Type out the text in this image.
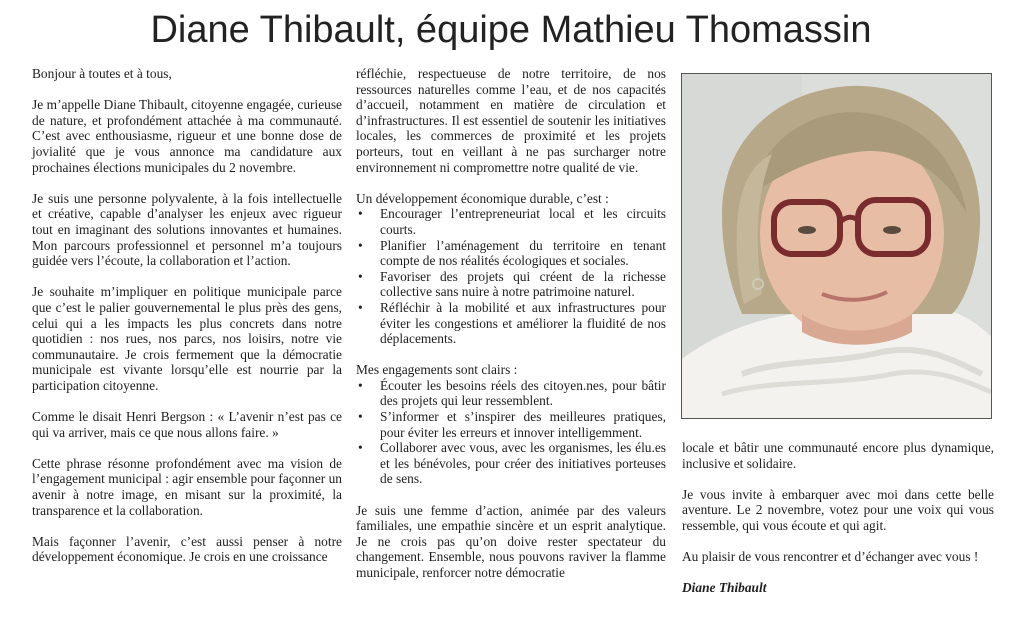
Diane Thibault, équipe Mathieu Thomassin

Bonjour à toutes et à tous,

Je m’appelle Diane Thibault, citoyenne engagée, curieuse de nature, et profondément attachée à ma communauté. C’est avec enthousiasme, rigueur et une bonne dose de jovialité que je vous annonce ma candidature aux prochaines élections municipales du 2 novembre.

Je suis une personne polyvalente, à la fois intellectuelle et créative, capable d’analyser les enjeux avec rigueur tout en imaginant des solutions innovantes et humaines. Mon parcours professionnel et personnel m’a toujours guidée vers l’écoute, la collaboration et l’action.

Je souhaite m’impliquer en politique municipale parce que c’est le palier gouvernemental le plus près des gens, celui qui a les impacts les plus concrets dans notre quotidien : nos rues, nos parcs, nos loisirs, notre vie communautaire. Je crois fermement que la démocratie municipale est vivante lorsqu’elle est nourrie par la participation citoyenne.

Comme le disait Henri Bergson : « L’avenir n’est pas ce qui va arriver, mais ce que nous allons faire. »

Cette phrase résonne profondément avec ma vision de l’engagement municipal : agir ensemble pour façonner un avenir à notre image, en misant sur la proximité, la transparence et la collaboration.

Mais façonner l’avenir, c’est aussi penser à notre développement économique. Je crois en une croissance

réfléchie, respectueuse de notre territoire, de nos ressources naturelles comme l’eau, et de nos capacités d’accueil, notamment en matière de circulation et d’infrastructures. Il est essentiel de soutenir les initiatives locales, les commerces de proximité et les projets porteurs, tout en veillant à ne pas surcharger notre environnement ni compromettre notre qualité de vie.

Un développement économique durable, c’est :

• Encourager l’entrepreneuriat local et les circuits courts.
• Planifier l’aménagement du territoire en tenant compte de nos réalités écologiques et sociales.
• Favoriser des projets qui créent de la richesse collective sans nuire à notre patrimoine naturel.
• Réfléchir à la mobilité et aux infrastructures pour éviter les congestions et améliorer la fluidité de nos déplacements.

Mes engagements sont clairs :

• Écouter les besoins réels des citoyen.nes, pour bâtir des projets qui leur ressemblent.
• S’informer et s’inspirer des meilleures pratiques, pour éviter les erreurs et innover intelligemment.
• Collaborer avec vous, avec les organismes, les élu.es et les bénévoles, pour créer des initiatives porteuses de sens.

Je suis une femme d’action, animée par des valeurs familiales, une empathie sincère et un esprit analytique. Je ne crois pas qu’on doive rester spectateur du changement. Ensemble, nous pouvons raviver la flamme municipale, renforcer notre démocratie

locale et bâtir une communauté encore plus dynamique, inclusive et solidaire.

Je vous invite à embarquer avec moi dans cette belle aventure. Le 2 novembre, votez pour une voix qui vous ressemble, qui vous écoute et qui agit.

Au plaisir de vous rencontrer et d’échanger avec vous !

Diane Thibault
